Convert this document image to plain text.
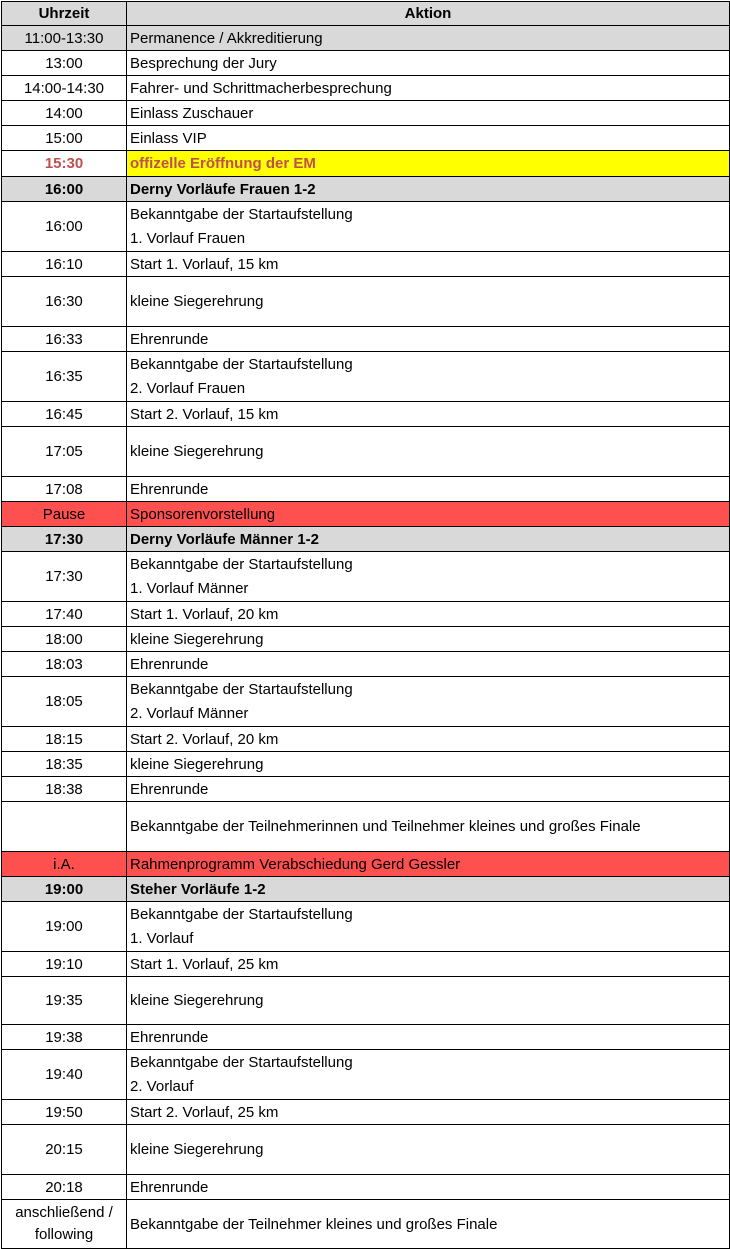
Uhrzeit	Aktion
11:00-13:30	Permanence / Akkreditierung

13:00	Besprechung der Jury

14:00-14:30	Fahrer- und Schrittmacherbesprechung

14:00	Einlass Zuschauer

15:00	Einlass VIP

15:30	offizelle Eröffnung der EM

16:00	Derny Vorläufe Frauen 1-2

16:00	Bekanntgabe der Startaufstellung
1. Vorlauf Frauen

16:10	Start 1. Vorlauf, 15 km

16:30	kleine Siegerehrung

16:33	Ehrenrunde

16:35	Bekanntgabe der Startaufstellung
2. Vorlauf Frauen

16:45	Start 2. Vorlauf, 15 km

17:05	kleine Siegerehrung

17:08	Ehrenrunde

Pause	Sponsorenvorstellung

17:30	Derny Vorläufe Männer 1-2

17:30	Bekanntgabe der Startaufstellung
1. Vorlauf Männer

17:40	Start 1. Vorlauf, 20 km

18:00	kleine Siegerehrung

18:03	Ehrenrunde

18:05	Bekanntgabe der Startaufstellung
2. Vorlauf Männer

18:15	Start 2. Vorlauf, 20 km

18:35	kleine Siegerehrung

18:38	Ehrenrunde

	Bekanntgabe der Teilnehmerinnen und Teilnehmer kleines und großes Finale

i.A.	Rahmenprogramm Verabschiedung Gerd Gessler

19:00	Steher Vorläufe 1-2

19:00	Bekanntgabe der Startaufstellung
1. Vorlauf

19:10	Start 1. Vorlauf, 25 km

19:35	kleine Siegerehrung

19:38	Ehrenrunde

19:40	Bekanntgabe der Startaufstellung
2. Vorlauf

19:50	Start 2. Vorlauf, 25 km

20:15	kleine Siegerehrung

20:18	Ehrenrunde

anschließend / following	Bekanntgabe der Teilnehmer kleines und großes Finale
